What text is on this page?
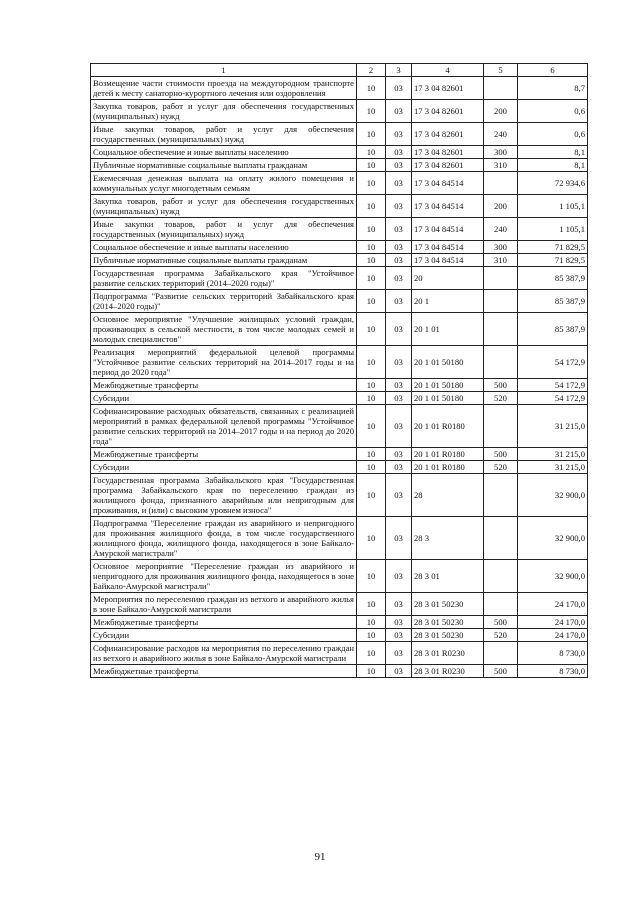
1	2	3	4	5	6
Возмещение части стоимости проезда на междугородном транспорте детей к месту санаторно-курортного лечения или оздоровления	10	03	17 3 04 82601		8,7
Закупка товаров, работ и услуг для обеспечения государственных (муниципальных) нужд	10	03	17 3 04 82601	200	0,6
Иные закупки товаров, работ и услуг для обеспечения государственных (муниципальных) нужд	10	03	17 3 04 82601	240	0,6
Социальное обеспечение и иные выплаты населению	10	03	17 3 04 82601	300	8,1
Публичные нормативные социальные выплаты гражданам	10	03	17 3 04 82601	310	8,1
Ежемесячная денежная выплата на оплату жилого помещения и коммунальных услуг многодетным семьям	10	03	17 3 04 84514		72 934,6
Закупка товаров, работ и услуг для обеспечения государственных (муниципальных) нужд	10	03	17 3 04 84514	200	1 105,1
Иные закупки товаров, работ и услуг для обеспечения государственных (муниципальных) нужд	10	03	17 3 04 84514	240	1 105,1
Социальное обеспечение и иные выплаты населению	10	03	17 3 04 84514	300	71 829,5
Публичные нормативные социальные выплаты гражданам	10	03	17 3 04 84514	310	71 829,5
Государственная программа Забайкальского края "Устойчивое развитие сельских территорий (2014–2020 годы)"	10	03	20		85 387,9
Подпрограмма "Развитие сельских территорий Забайкальского края (2014–2020 годы)"	10	03	20 1		85 387,9
Основное мероприятие "Улучшение жилищных условий граждан, проживающих в сельской местности, в том числе молодых семей и молодых специалистов"	10	03	20 1 01		85 387,9
Реализация мероприятий федеральной целевой программы "Устойчивое развитие сельских территорий на 2014–2017 годы и на период до 2020 года"	10	03	20 1 01 50180		54 172,9
Межбюджетные трансферты	10	03	20 1 01 50180	500	54 172,9
Субсидии	10	03	20 1 01 50180	520	54 172,9
Софинансирование расходных обязательств, связанных с реализацией мероприятий в рамках федеральной целевой программы "Устойчивое развитие сельских территорий на 2014–2017 годы и на период до 2020 года"	10	03	20 1 01 R0180		31 215,0
Межбюджетные трансферты	10	03	20 1 01 R0180	500	31 215,0
Субсидии	10	03	20 1 01 R0180	520	31 215,0
Государственная программа Забайкальского края "Государственная программа Забайкальского края по переселению граждан из жилищного фонда, признанного аварийным или непригодным для проживания, и (или) с высоким уровнем износа"	10	03	28		32 900,0
Подпрограмма "Переселение граждан из аварийного и непригодного для проживания жилищного фонда, в том числе государственного жилищного фонда, жилищного фонда, находящегося в зоне Байкало-Амурской магистрали"	10	03	28 3		32 900,0
Основное мероприятие "Переселение граждан из аварийного и непригодного для проживания жилищного фонда, находящегося в зоне Байкало-Амурской магистрали"	10	03	28 3 01		32 900,0
Мероприятия по переселению граждан из ветхого и аварийного жилья в зоне Байкало-Амурской магистрали	10	03	28 3 01 50230		24 170,0
Межбюджетные трансферты	10	03	28 3 01 50230	500	24 170,0
Субсидии	10	03	28 3 01 50230	520	24 170,0
Софинансирование расходов на мероприятия по переселению граждан из ветхого и аварийного жилья в зоне Байкало-Амурской магистрали	10	03	28 3 01 R0230		8 730,0
Межбюджетные трансферты	10	03	28 3 01 R0230	500	8 730,0
91
